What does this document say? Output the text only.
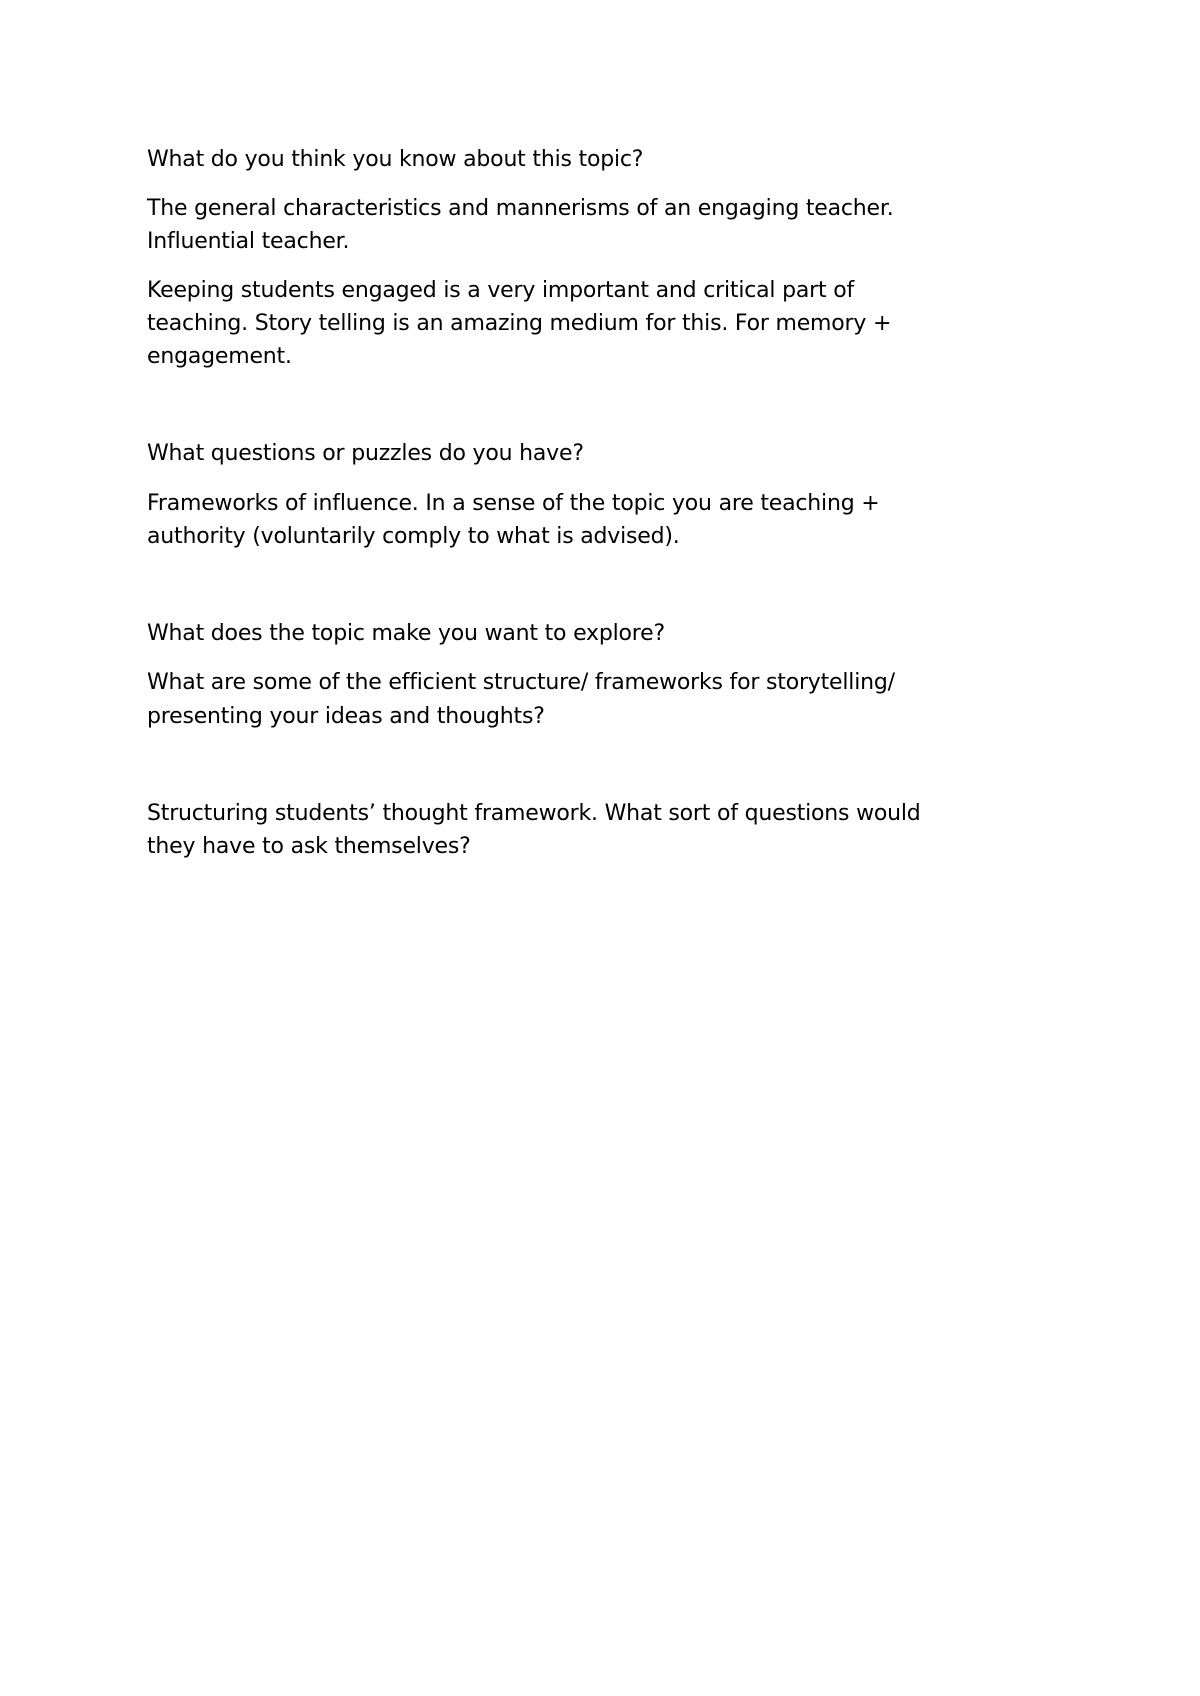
What do you think you know about this topic?
The general characteristics and mannerisms of an engaging teacher.
Influential teacher.
Keeping students engaged is a very important and critical part of
teaching. Story telling is an amazing medium for this. For memory +
engagement.
What questions or puzzles do you have?
Frameworks of influence. In a sense of the topic you are teaching +
authority (voluntarily comply to what is advised).
What does the topic make you want to explore?
What are some of the efficient structure/ frameworks for storytelling/
presenting your ideas and thoughts?
Structuring students’ thought framework. What sort of questions would
they have to ask themselves?
